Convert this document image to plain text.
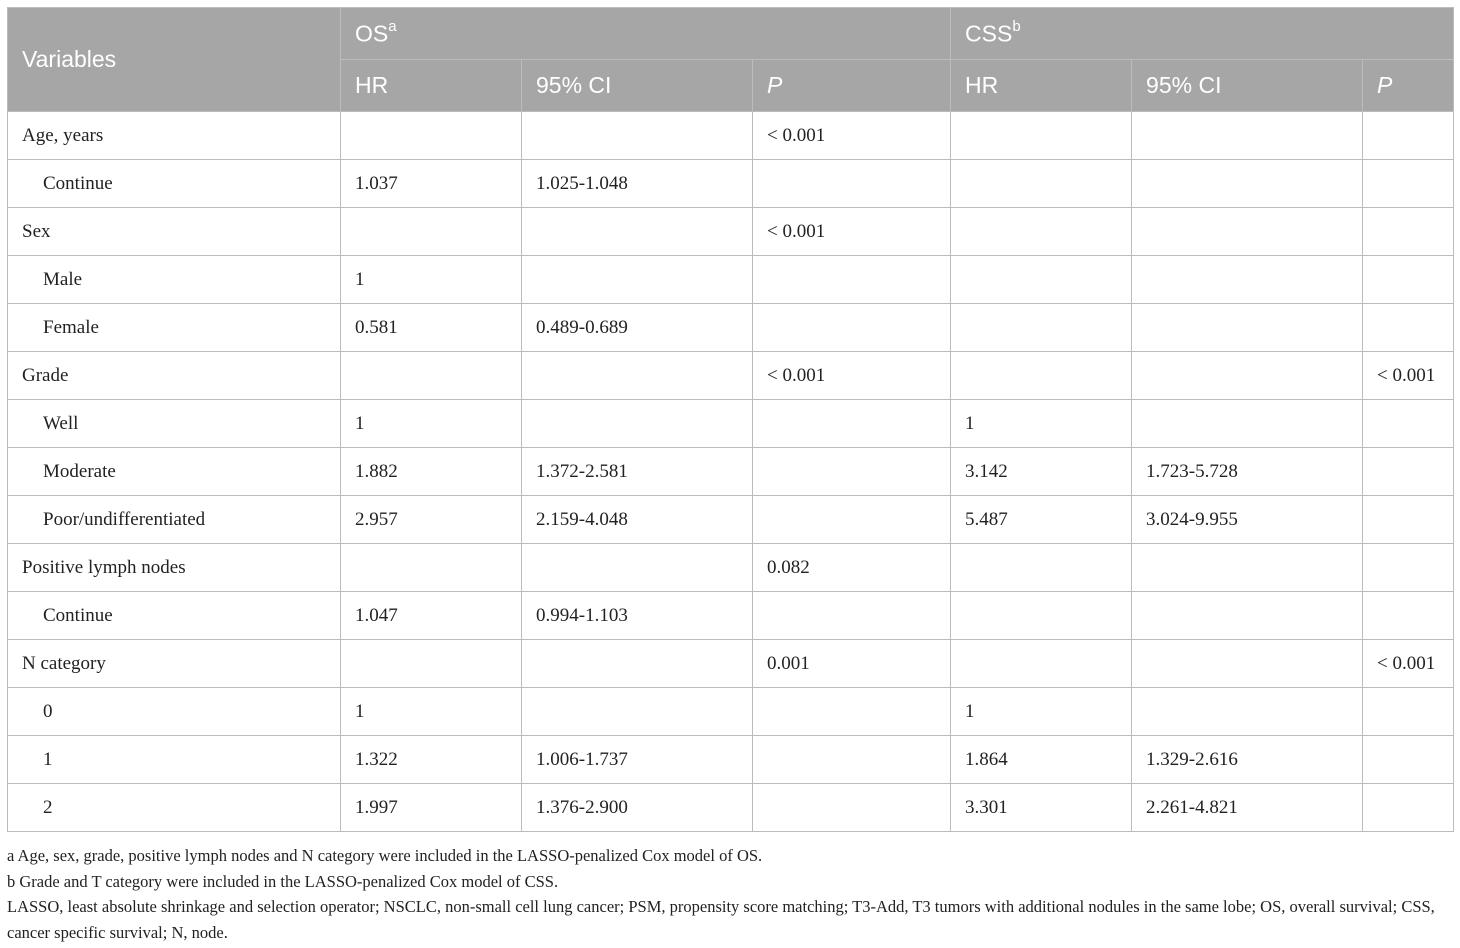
Variables	$OS^a$			CSS$^b$
	HR	95% CI	P	HR	95% CI	P
Age, years			< 0.001			
Continue	1.037	1.025-1.048				
Sex			< 0.001			
Male	1					
Female	0.581	0.489-0.689				
Grade			< 0.001			< 0.001
Well	1			1		
Moderate	1.882	1.372-2.581		3.142	1.723-5.728	
Poor/undifferentiated	2.957	2.159-4.048		5.487	3.024-9.955	
Positive lymph nodes			0.082			
Continue	1.047	0.994-1.103				
N category			0.001			< 0.001
0	1			1		
1	1.322	1.006-1.737		1.864	1.329-2.616	
2	1.997	1.376-2.900		3.301	2.261-4.821	
a Age, sex, grade, positive lymph nodes and N category were included in the LASSO-penalized Cox model of OS.
b Grade and T category were included in the LASSO-penalized Cox model of CSS.
LASSO, least absolute shrinkage and selection operator; NSCLC, non-small cell lung cancer; PSM, propensity score matching; T3-Add, T3 tumors with additional nodules in the same lobe; OS, overall survival; CSS, cancer specific survival; N, node.
